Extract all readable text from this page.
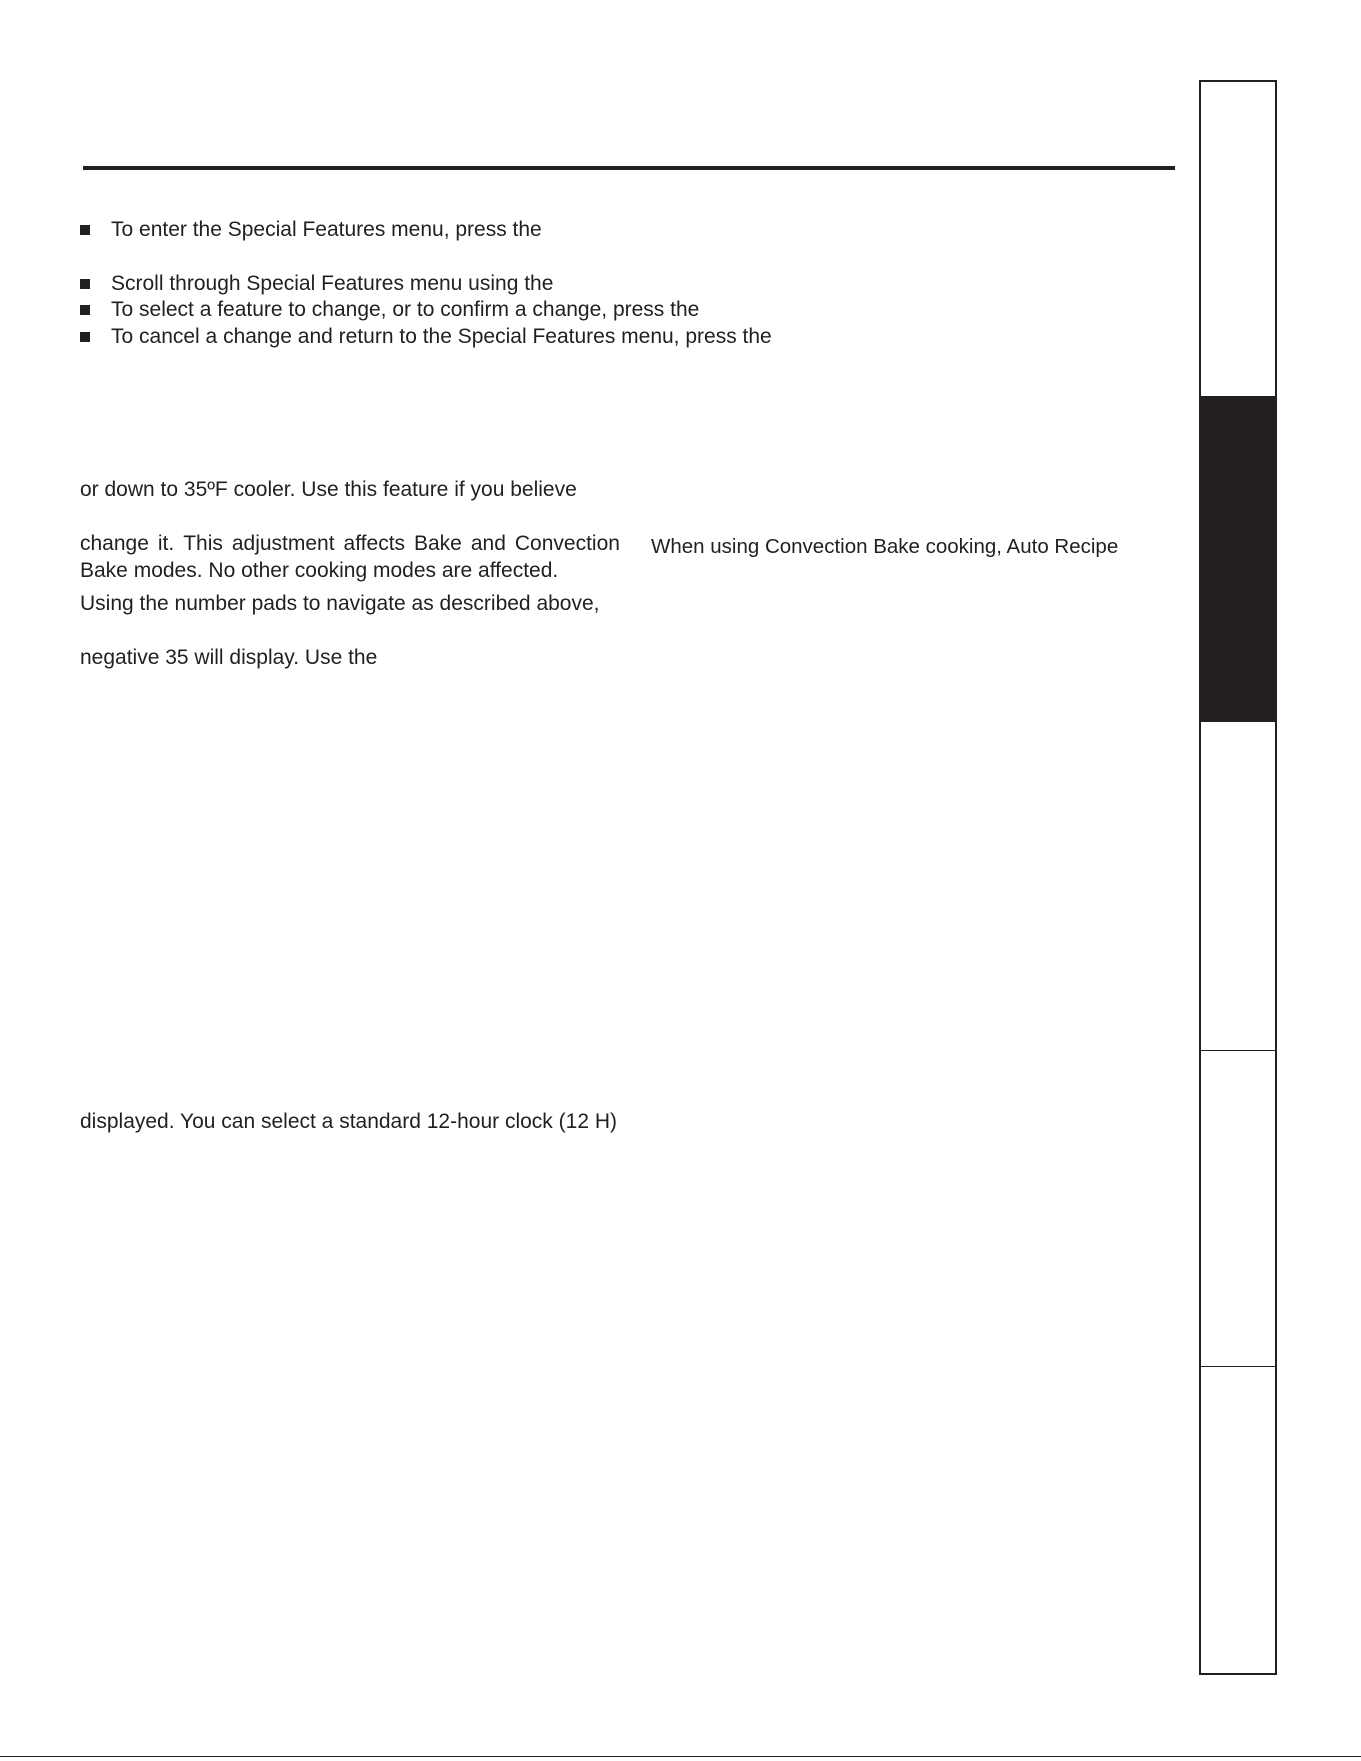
To enter the Special Features menu, press the
Scroll through Special Features menu using the
To select a feature to change, or to confirm a change, press the
To cancel a change and return to the Special Features menu, press the

or down to 35ºF cooler. Use this feature if you believe

change it. This adjustment affects Bake and Convection

Bake modes. No other cooking modes are affected.

Using the number pads to navigate as described above,

negative 35 will display. Use the

displayed. You can select a standard 12-hour clock (12 H)

When using Convection Bake cooking, Auto Recipe
